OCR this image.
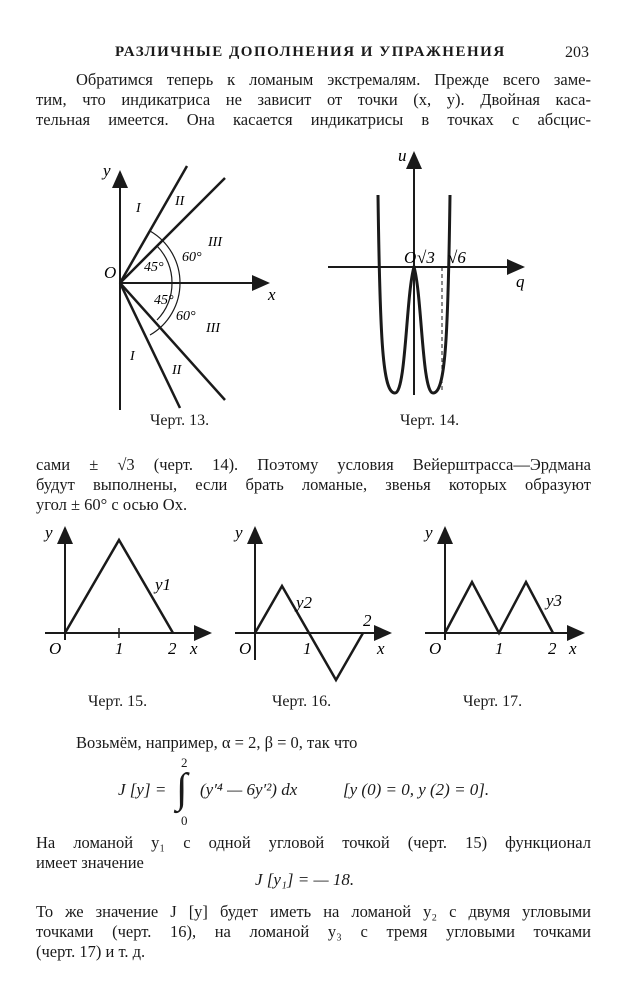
РАЗЛИЧНЫЕ ДОПОЛНЕНИЯ И УПРАЖНЕНИЯ	203
Обратимся теперь к ломаным экстремалям. Прежде всего заме-
тим, что индикатриса не зависит от точки (x, y). Двойная каса-
тельная имеется. Она касается индикатрисы в точках с абсцис-
y
x
O
I II
III
45°
60°
45°
60°
III
I
II
Черт. 13.
u
q
O √3 √6
Черт. 14.
сами ± √3 (черт. 14). Поэтому условия Вейерштрасса—Эрдмана
будут выполнены, если брать ломаные, звенья которых образуют
угол ± 60° с осью Ox.
y
x
O	1	2
y1
Черт. 15.
y
x
O	1
2
y2
Черт. 16.
y
x
O	1	2
y3
Черт. 17.
Возьмём, например, α = 2, β = 0, так что
J [y] =
2
∫
0
(y′⁴ — 6y′²) dx	[y (0) = 0, y (2) = 0].
На ломаной y₁ с одной угловой точкой (черт. 15) функционал
имеет значение
J [y₁] = — 18.
То же значение J [y] будет иметь на ломаной y₂ с двумя угловыми
точками (черт. 16), на ломаной y₃ с тремя угловыми точками
(черт. 17) и т. д.
